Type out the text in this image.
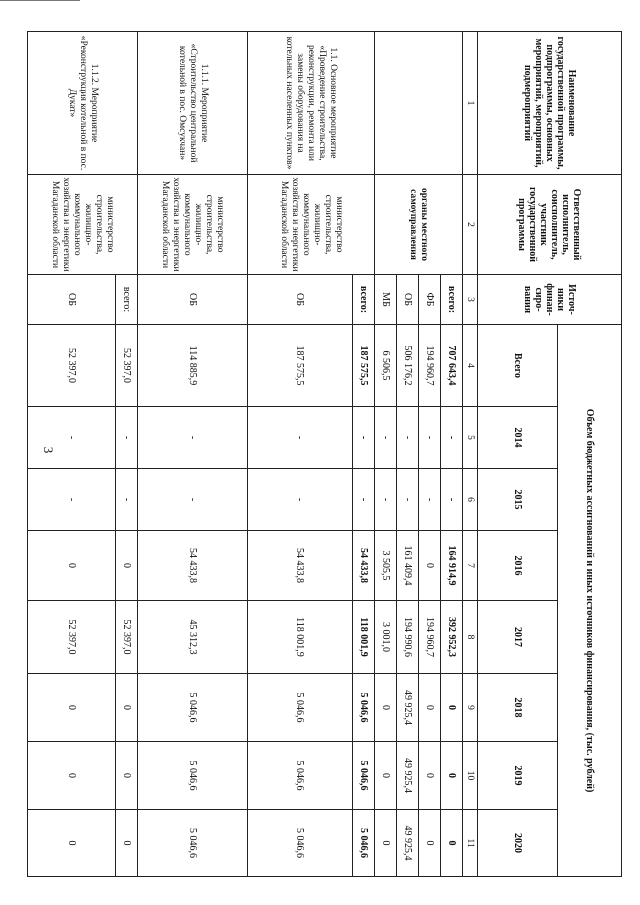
3
Наименование государственной программы, подпрограммы, основных мероприятий, мероприятий, подмероприятий	Ответственный исполнитель, соисполнитель, участник государственной программы	Источ-ники финан-сиро-вания	Объем бюджетных ассигнований и иных источников финансирования, (тыс. рублей)							
			Всего	2014	2015	2016	2017	2018	2019	2020
1	2	3	4	5	6	7	8	9	10	11
	органы местного самоуправления	всего:	707 643,4	-	-	164 914,9	392 952,3	0	0	0
		ФБ	194 960,7	-	-	0	194 960,7	0	0	0
		ОБ	506 176,2	-	-	161 409,4	194 990,6	49 925,4	49 925,4	49 925,4
		МБ	6 506,5	-	-	3 505,5	3 001,0	0	0	0
1.1. Основное мероприятие «Проведение строительства, реконструкции, ремонта или замены оборудования на котельных населенных пунктов»	министерство строительства, жилищно-коммунального хозяйства и энергетики Магаданской области	всего:	187 575,5	-	-	54 433,8	118 001,9	5 046,6	5 046,6	5 046,6
		ОБ	187 575,5	-	-	54 433,8	118 001,9	5 046,6	5 046,6	5 046,6
1.1.1. Мероприятие «Строительство центральной котельной в пос. Омсукчан»	министерство строительства, жилищно-коммунального хозяйства и энергетики Магаданской области	ОБ	114 885,9	-	-	54 433,8	45 312,3	5 046,6	5 046,6	5 046,6
1.1.2. Мероприятие «Реконструкция котельной в пос. Дукат»	министерство строительства, жилищно-коммунального хозяйства и энергетики Магаданской области	всего:	52 397,0	-	-	0	52 397,0	0	0	0
		ОБ	52 397,0	-	-	0	52 397,0	0	0	0
